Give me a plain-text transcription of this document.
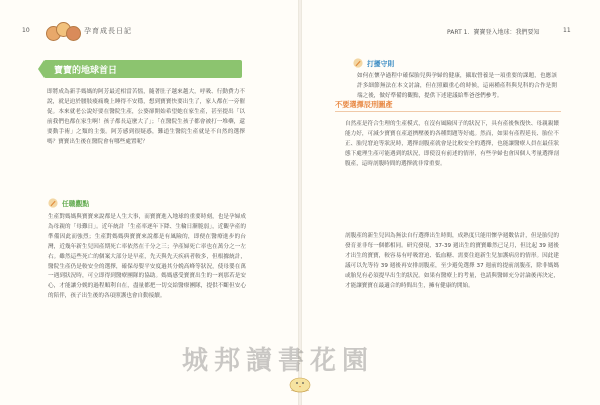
10	孕育成長日記
寶寶的地球首日

即將成為新手媽媽的阿芳最近相當苦惱，隨著肚子越來越大，呼吸、行動費力不說，就是迫於腰肢痠痛晚上睡得不安穩，想到寶寶快要出生了，家人都在一旁催促。本來就老公說好要在醫院生產，公婆卻開始希望她在家生產，甚至提出「以前我們也都在家生啊！孩子都長這麼大了」；「在醫院生孩子都會被打一堆藥，還要動手術」之類的主張。阿芳感到很疑惑，難道生醫院生產就是不自然的選擇嗎？寶寶出生後在醫院會有哪些處置呢？

任職觀點

生產對媽媽與寶寶來說都是人生大事，而寶寶進入地球的重要時刻，也是孕婦成為母親的「母難日」。近年統計「生產率逐年下降、生輪日漸脆弱」，近觀孕產的準備因此而強烈；生產對媽媽與寶寶來說都是有風險的，即便在醫療進步的台灣，近幾年新生兒因產期死亡率依然在千分之三；孕產婦死亡率也在萬分之一左右。雖然這些死亡的個案大部分是早產，先天與先天疾病者較多，但根據統計，醫院生產仍是較安全的選擇，確保母嬰平安度過其分娩高峰等狀況，使母嬰在萬一遇到狀況時，可立即得到醫療團隊的協助。媽媽感受寶寶出生的一剎那若是安心，才能讓分娩的過程順利自在，盡量都把一切交給醫療團隊，提供不斷但安心的陪伴，孩子出生後的各項照護也會自動接續。

PART 1．寶寶登入地球：我們要知	11
打擾守則

如何在懷孕過程中確保胎兒與孕婦的健康，攝取營養是一項重要的課題，也應該許多細節無法在本文討論，但在照顧重心的時候，這兩種產科與兒科的合作是開端之後，做好準備的觀點，提供下述建議給準爸爸們參考。

不要選擇辰刑圖產

自然產是符合生理的生產模式，在沒有風險因子的狀況下，具有產後恢復快、母親親餵能力好，可減少寶寶在產道擠壓後的各種問題等好處。然而，如果有產程延長、胎位不正、胎兒窘迫等狀況時，選擇剖腹產就會是比較安全的選擇，也能讓醫療人員在最佳狀態下處理生產可能遇到的狀況，即使沒有前述的情形，有些孕婦也會因個人考量選擇剖腹產，這時剖腹時間的選擇就非常重要。

剖腹產的新生兒因為無法自行選擇出生時間，成熟度只能用懷孕週數估計，但是胎兒的發育並非每一個都相同。研究發現，37-39 週出生的寶寶雖然已足月，但比起 39 週後才出生的寶寶，較容易有呼吸窘迫、低血糖、需要住進新生兒加護病房的情形。因此建議可以先等待 39 週後再安排剖腹產，至少避免選擇 37 週前的提前剖腹產，除非媽媽或胎兒有必須提早出生的狀況。如果有醫療上的考量，也請與醫師充分討論後再決定，才能讓寶寶在最適合的時間出生，擁有健康的開始。

城邦讀書花園
